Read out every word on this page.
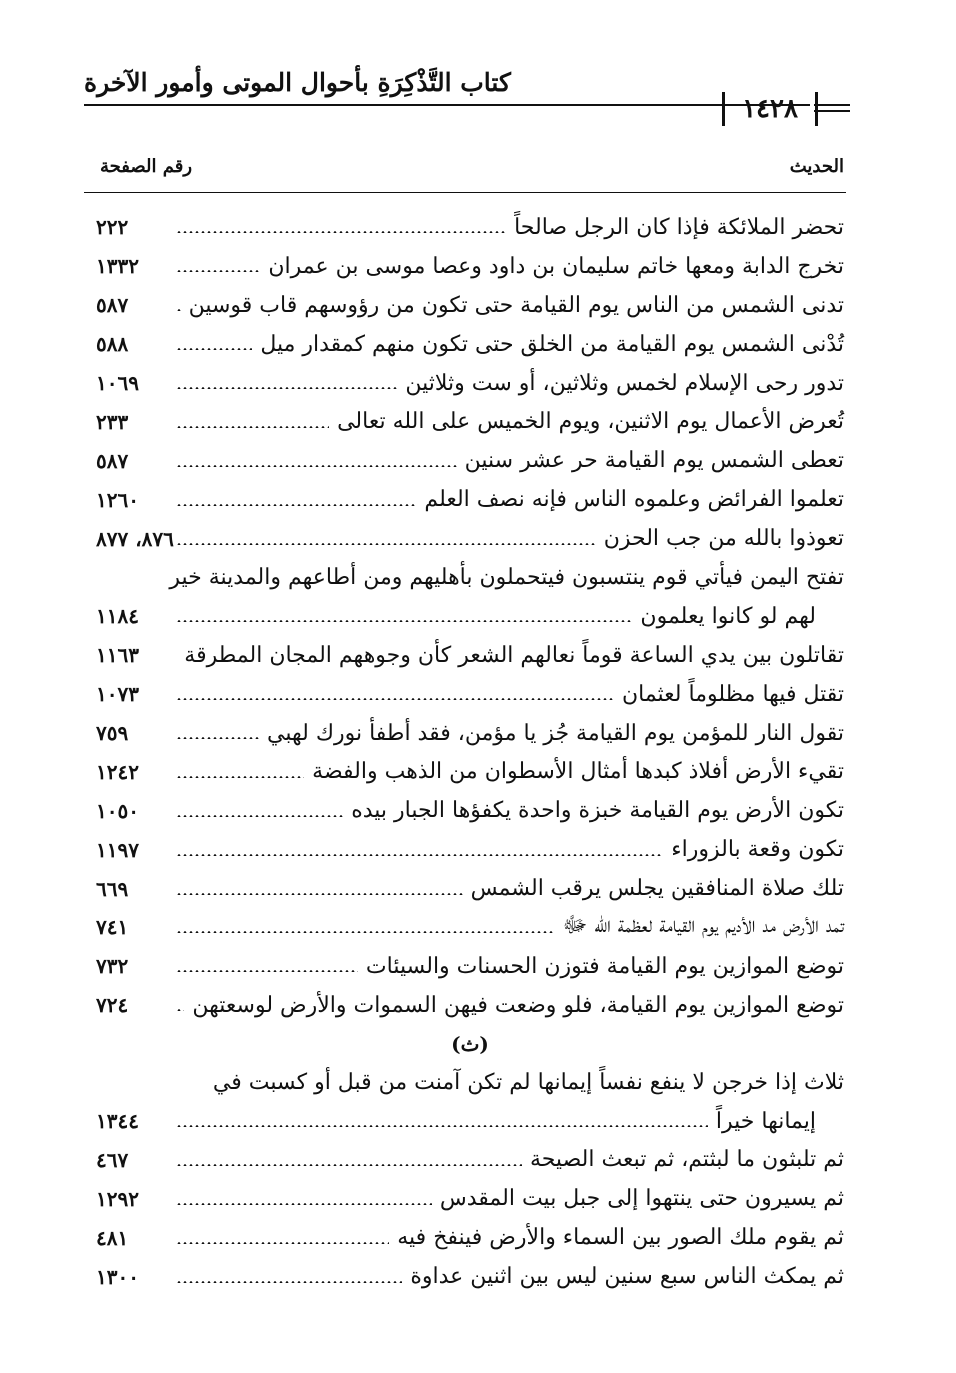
كتاب التَّذْكِرَةِ بأحوال الموتى وأمور الآخرة
١٤٢٨
الحديث
رقم الصفحة
٢٢٢	تحضر الملائكة فإذا كان الرجل صالحاً
١٣٣٢	تخرج الدابة ومعها خاتم سليمان بن داود وعصا موسى بن عمران
٥٨٧	تدنى الشمس من الناس يوم القيامة حتى تكون من رؤوسهم قاب قوسين
٥٨٨	تُدْنى الشمس يوم القيامة من الخلق حتى تكون منهم كمقدار ميل
١٠٦٩	تدور رحى الإسلام لخمس وثلاثين، أو ست وثلاثين
٢٣٣	تُعرض الأعمال يوم الاثنين، ويوم الخميس على الله تعالى
٥٨٧	تعطى الشمس يوم القيامة حر عشر سنين
١٢٦٠	تعلموا الفرائض وعلموه الناس فإنه نصف العلم
٨٧٦، ٨٧٧	تعوذوا بالله من جب الحزن
تفتح اليمن فيأتي قوم ينتسبون فيتحملون بأهليهم ومن أطاعهم والمدينة خير
١١٨٤	لهم لو كانوا يعلمون
١١٦٣	تقاتلون بين يدي الساعة قوماً نعالهم الشعر كأن وجوههم المجان المطرقة
١٠٧٣	تقتل فيها مظلوماً لعثمان
٧٥٩	تقول النار للمؤمن يوم القيامة جُز يا مؤمن، فقد أطفأ نورك لهبي
١٢٤٢	تقيء الأرض أفلاذ كبدها أمثال الأسطوان من الذهب والفضة
١٠٥٠	تكون الأرض يوم القيامة خبزة واحدة يكفؤها الجبار بيده
١١٩٧	تكون وقعة بالزوراء
٦٦٩	تلك صلاة المنافقين يجلس يرقب الشمس
٧٤١	تمد الأرض مد الأديم يوم القيامة لعظمة الله ﷻ
٧٣٢	توضع الموازين يوم القيامة فتوزن الحسنات والسيئات
٧٢٤	توضع الموازين يوم القيامة، فلو وضعت فيهن السموات والأرض لوسعتهن
(ث)
ثلاث إذا خرجن لا ينفع نفساً إيمانها لم تكن آمنت من قبل أو كسبت في
١٣٤٤	إيمانها خيراً
٤٦٧	ثم تلبثون ما لبثتم، ثم تبعث الصيحة
١٢٩٢	ثم يسيرون حتى ينتهوا إلى جبل بيت المقدس
٤٨١	ثم يقوم ملك الصور بين السماء والأرض فينفخ فيه
١٣٠٠	ثم يمكث الناس سبع سنين ليس بين اثنين عداوة
